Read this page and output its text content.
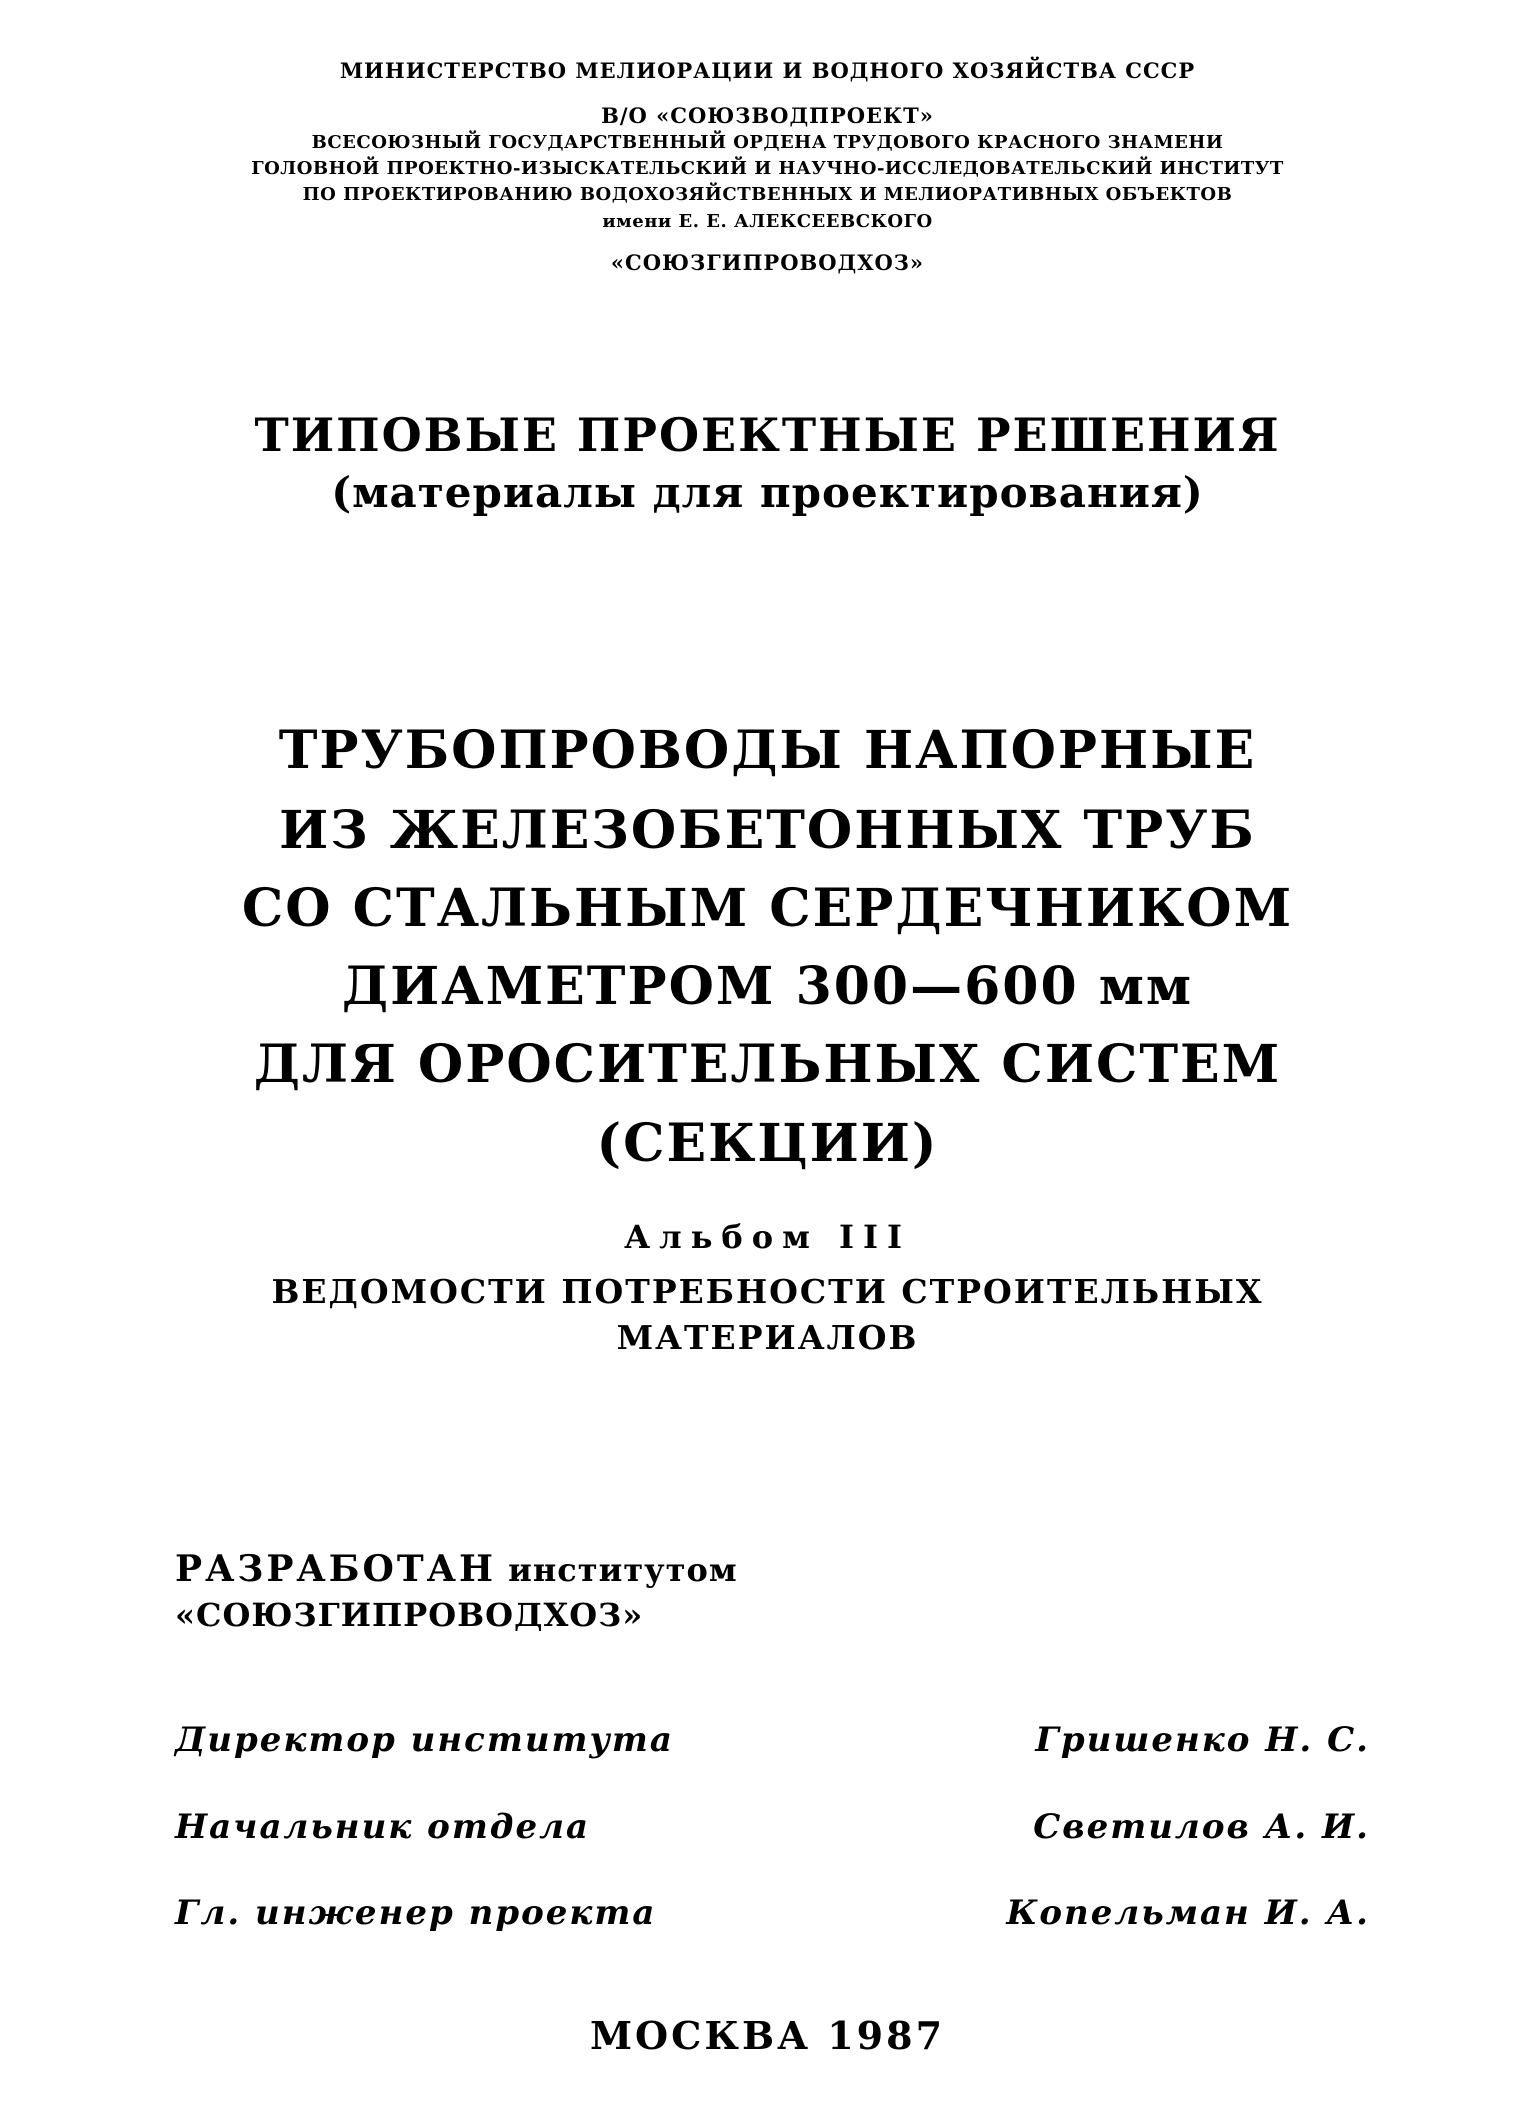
МИНИСТЕРСТВО МЕЛИОРАЦИИ И ВОДНОГО ХОЗЯЙСТВА СССР
В/О «СОЮЗВОДПРОЕКТ»
ВСЕСОЮЗНЫЙ ГОСУДАРСТВЕННЫЙ ОРДЕНА ТРУДОВОГО КРАСНОГО ЗНАМЕНИ
ГОЛОВНОЙ ПРОЕКТНО-ИЗЫСКАТЕЛЬСКИЙ И НАУЧНО-ИССЛЕДОВАТЕЛЬСКИЙ ИНСТИТУТ
ПО ПРОЕКТИРОВАНИЮ ВОДОХОЗЯЙСТВЕННЫХ И МЕЛИОРАТИВНЫХ ОБЪЕКТОВ
имени Е. Е. АЛЕКСЕЕВСКОГО
«СОЮЗГИПРОВОДХОЗ»
ТИПОВЫЕ ПРОЕКТНЫЕ РЕШЕНИЯ
(материалы для проектирования)
ТРУБОПРОВОДЫ НАПОРНЫЕ
ИЗ ЖЕЛЕЗОБЕТОННЫХ ТРУБ
СО СТАЛЬНЫМ СЕРДЕЧНИКОМ
ДИАМЕТРОМ 300—600 мм
ДЛЯ ОРОСИТЕЛЬНЫХ СИСТЕМ
(СЕКЦИИ)
Альбом III
ВЕДОМОСТИ ПОТРЕБНОСТИ СТРОИТЕЛЬНЫХ
МАТЕРИАЛОВ
РАЗРАБОТАН институтом
«СОЮЗГИПРОВОДХОЗ»
Директор института	Гришенко Н. С.
Начальник отдела	Светилов А. И.
Гл. инженер проекта	Копельман И. А.
МОСКВА 1987
